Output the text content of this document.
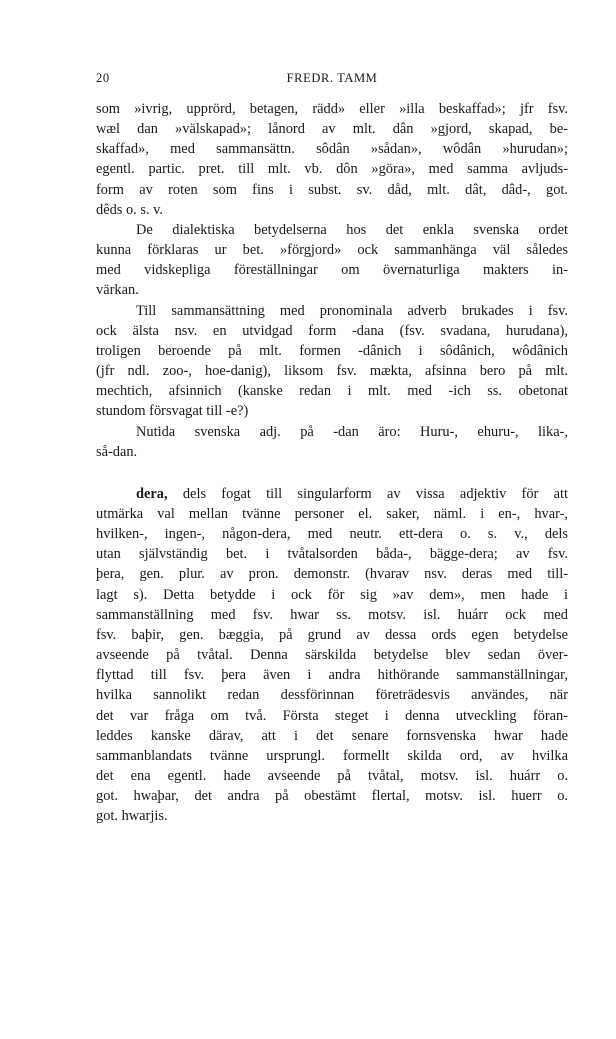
20	FREDR. TAMM

som »ivrig, upprörd, betagen, rädd» eller »illa beskaffad»; jfr fsv.
wæl dan »välskapad»; lånord av mlt. dân »gjord, skapad, be-
skaffad», med sammansättn. sôdân »sådan», wôdân »hurudan»;
egentl. partic. pret. till mlt. vb. dôn »göra», med samma avljuds-
form av roten som fins i subst. sv. dåd, mlt. dât, dâd-, got.
dêds o. s. v.

De dialektiska betydelserna hos det enkla svenska ordet
kunna förklaras ur bet. »förgjord» ock sammanhänga väl således
med vidskepliga föreställningar om övernaturliga makters in-
värkan.

Till sammansättning med pronominala adverb brukades i fsv.
ock älsta nsv. en utvidgad form -dana (fsv. svadana, hurudana),
troligen beroende på mlt. formen -dânich i sôdânich, wôdânich
(jfr ndl. zoo-, hoe-danig), liksom fsv. mækta, afsinna bero på mlt.
mechtich, afsinnich (kanske redan i mlt. med -ich ss. obetonat
stundom försvagat till -e?)

Nutida svenska adj. på -dan äro: Huru-, ehuru-, lika-,
så-dan.

dera, dels fogat till singularform av vissa adjektiv för att
utmärka val mellan tvänne personer el. saker, näml. i en-, hvar-,
hvilken-, ingen-, någon-dera, med neutr. ett-dera o. s. v., dels
utan självständig bet. i tvåtalsorden båda-, bägge-dera; av fsv.
þera, gen. plur. av pron. demonstr. (hvarav nsv. deras med till-
lagt s). Detta betydde i ock för sig »av dem», men hade i
sammanställning med fsv. hwar ss. motsv. isl. huárr ock med
fsv. baþir, gen. bæggia, på grund av dessa ords egen betydelse
avseende på tvåtal. Denna särskilda betydelse blev sedan över-
flyttad till fsv. þera även i andra hithörande sammanställningar,
hvilka sannolikt redan dessförinnan företrädesvis användes, när
det var fråga om två. Första steget i denna utveckling föran-
leddes kanske därav, att i det senare fornsvenska hwar hade
sammanblandats tvänne ursprungl. formellt skilda ord, av hvilka
det ena egentl. hade avseende på tvåtal, motsv. isl. huárr o.
got. hwaþar, det andra på obestämt flertal, motsv. isl. huerr o.
got. hwarjis.
